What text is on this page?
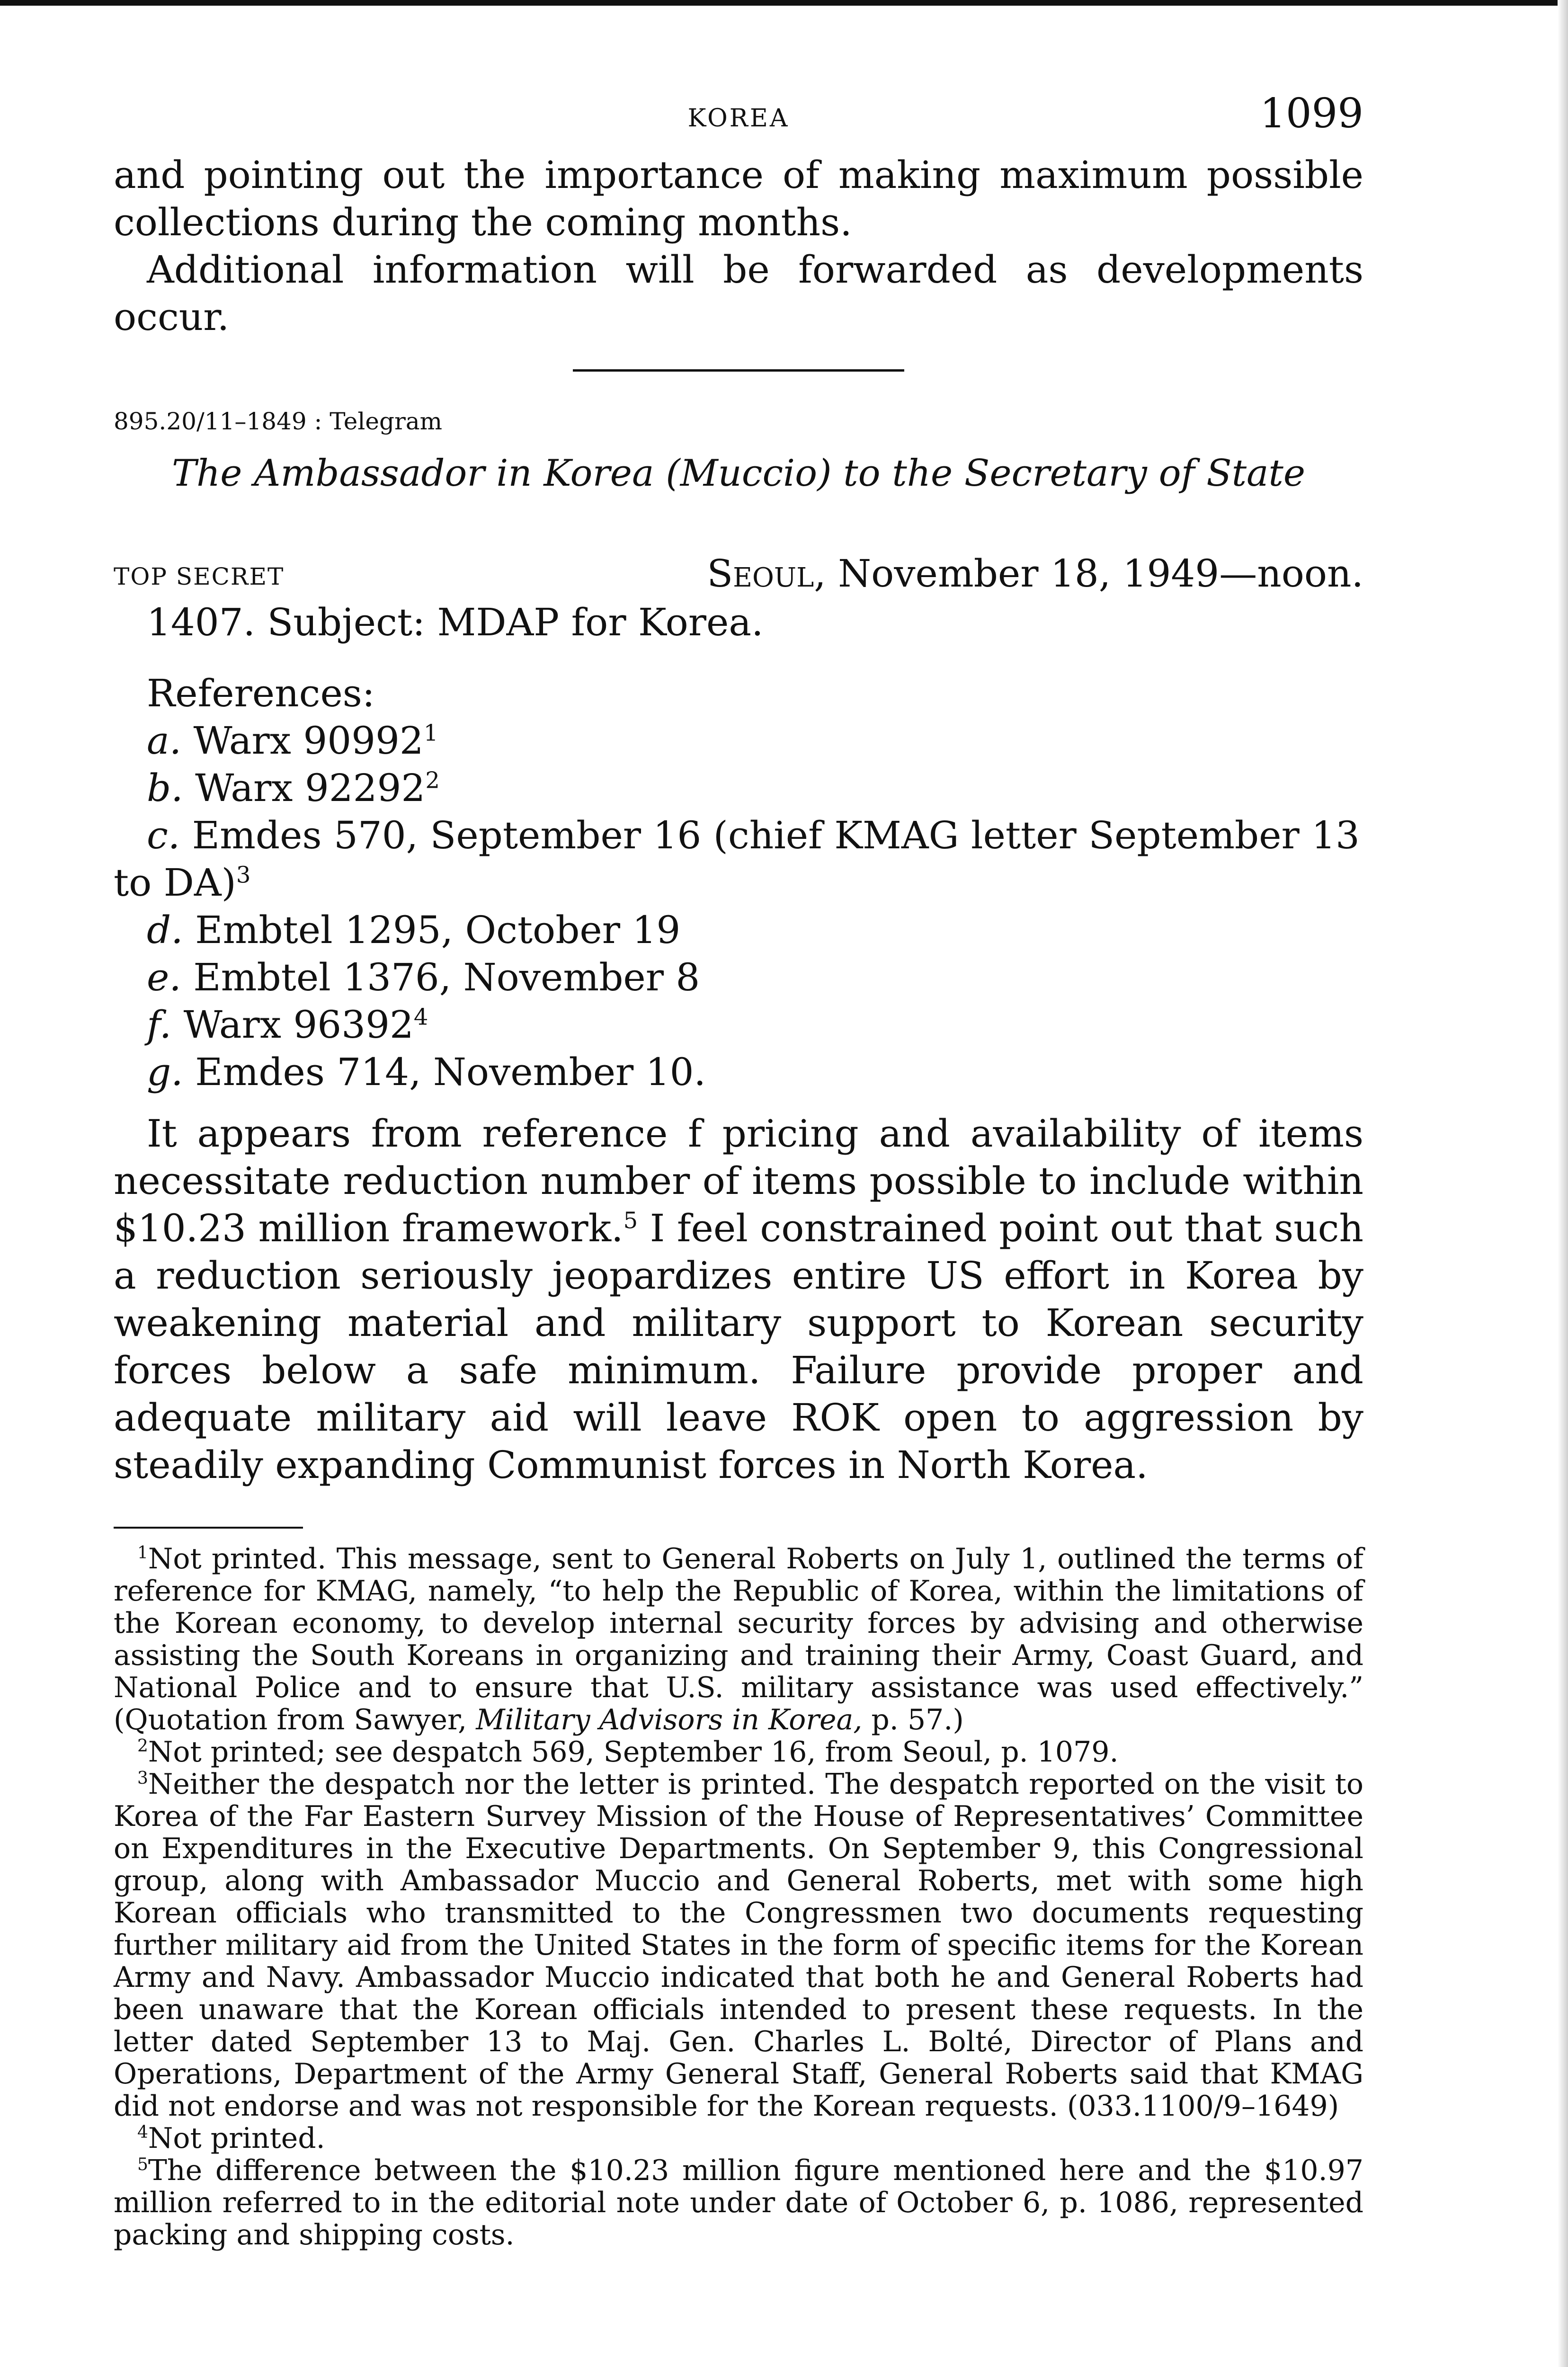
KOREA	1099

and pointing out the importance of making maximum possible collections during the coming months.

Additional information will be forwarded as developments occur.

895.20/11–1849 : Telegram

The Ambassador in Korea (Muccio) to the Secretary of State

TOP SECRET	Seoul, November 18, 1949—noon.

1407. Subject: MDAP for Korea.

References:
a. Warx 90992$^1$
b. Warx 92292$^2$
c. Emdes 570, September 16 (chief KMAG letter September 13 to DA)$^3$
d. Embtel 1295, October 19
e. Embtel 1376, November 8
f. Warx 96392$^4$
g. Emdes 714, November 10.

It appears from reference f pricing and availability of items necessitate reduction number of items possible to include within $10.23 million framework.$^5$ I feel constrained point out that such a reduction seriously jeopardizes entire US effort in Korea by weakening material and military support to Korean security forces below a safe minimum. Failure provide proper and adequate military aid will leave ROK open to aggression by steadily expanding Communist forces in North Korea.

$^1$Not printed. This message, sent to General Roberts on July 1, outlined the terms of reference for KMAG, namely, “to help the Republic of Korea, within the limitations of the Korean economy, to develop internal security forces by advising and otherwise assisting the South Koreans in organizing and training their Army, Coast Guard, and National Police and to ensure that U.S. military assistance was used effectively.” (Quotation from Sawyer, Military Advisors in Korea, p. 57.)

$^2$Not printed; see despatch 569, September 16, from Seoul, p. 1079.

$^3$Neither the despatch nor the letter is printed. The despatch reported on the visit to Korea of the Far Eastern Survey Mission of the House of Representatives’ Committee on Expenditures in the Executive Departments. On September 9, this Congressional group, along with Ambassador Muccio and General Roberts, met with some high Korean officials who transmitted to the Congressmen two documents requesting further military aid from the United States in the form of specific items for the Korean Army and Navy. Ambassador Muccio indicated that both he and General Roberts had been unaware that the Korean officials intended to present these requests. In the letter dated September 13 to Maj. Gen. Charles L. Bolté, Director of Plans and Operations, Department of the Army General Staff, General Roberts said that KMAG did not endorse and was not responsible for the Korean requests. (033.1100/9–1649)

$^4$Not printed.

$^5$The difference between the $10.23 million figure mentioned here and the $10.97 million referred to in the editorial note under date of October 6, p. 1086, represented packing and shipping costs.
